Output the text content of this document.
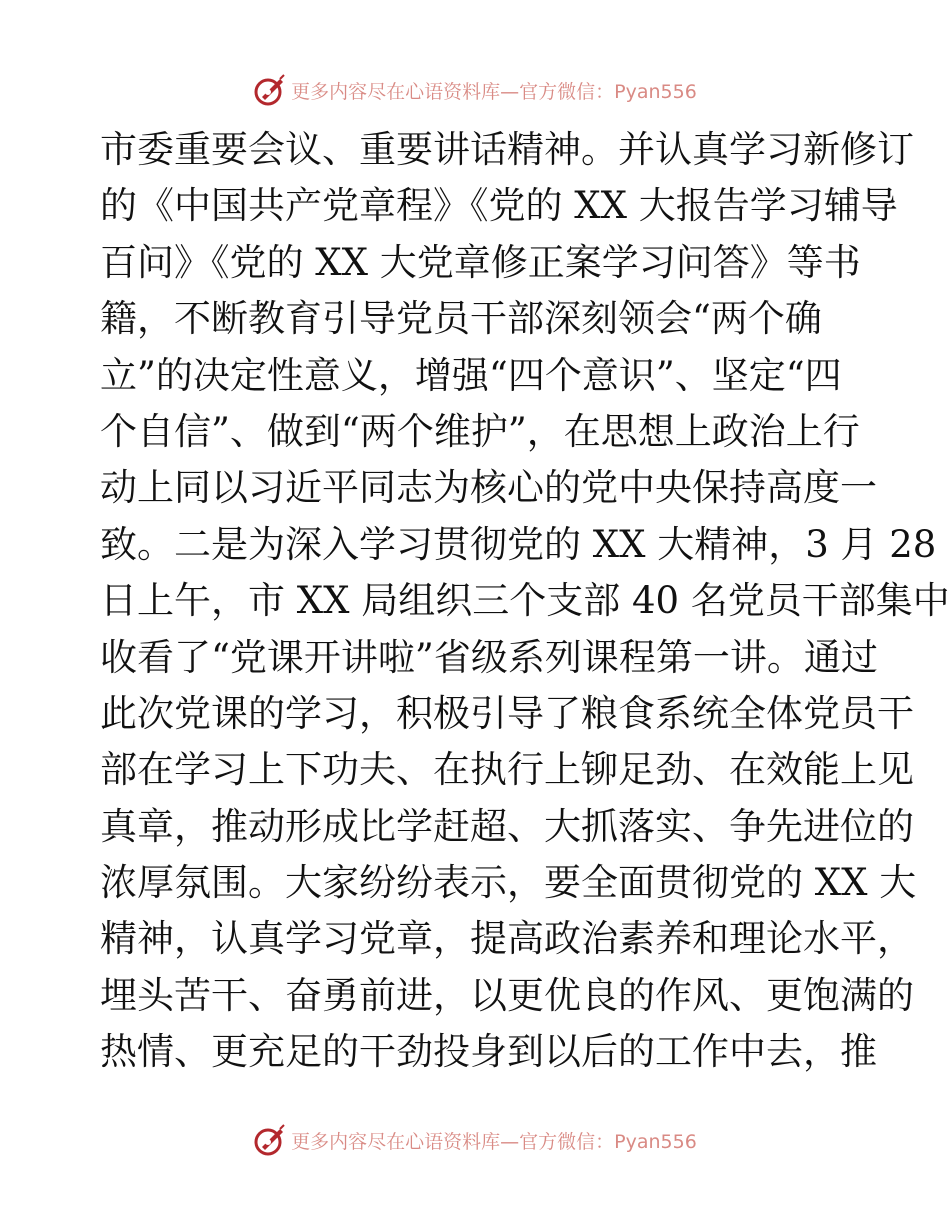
更多内容尽在心语资料库—官方微信：Pyan556
市委重要会议、重要讲话精神。并认真学习新修订
的《中国共产党章程》《党的 XX 大报告学习辅导
百问》《党的 XX 大党章修正案学习问答》等书
籍，不断教育引导党员干部深刻领会“两个确
立”的决定性意义，增强“四个意识”、坚定“四
个自信”、做到“两个维护”，在思想上政治上行
动上同以习近平同志为核心的党中央保持高度一
致。二是为深入学习贯彻党的 XX 大精神，3 月 28
日上午，市 XX 局组织三个支部 40 名党员干部集中
收看了“党课开讲啦”省级系列课程第一讲。通过
此次党课的学习，积极引导了粮食系统全体党员干
部在学习上下功夫、在执行上铆足劲、在效能上见
真章，推动形成比学赶超、大抓落实、争先进位的
浓厚氛围。大家纷纷表示，要全面贯彻党的 XX 大
精神，认真学习党章，提高政治素养和理论水平，
埋头苦干、奋勇前进，以更优良的作风、更饱满的
热情、更充足的干劲投身到以后的工作中去，推
更多内容尽在心语资料库—官方微信：Pyan556
